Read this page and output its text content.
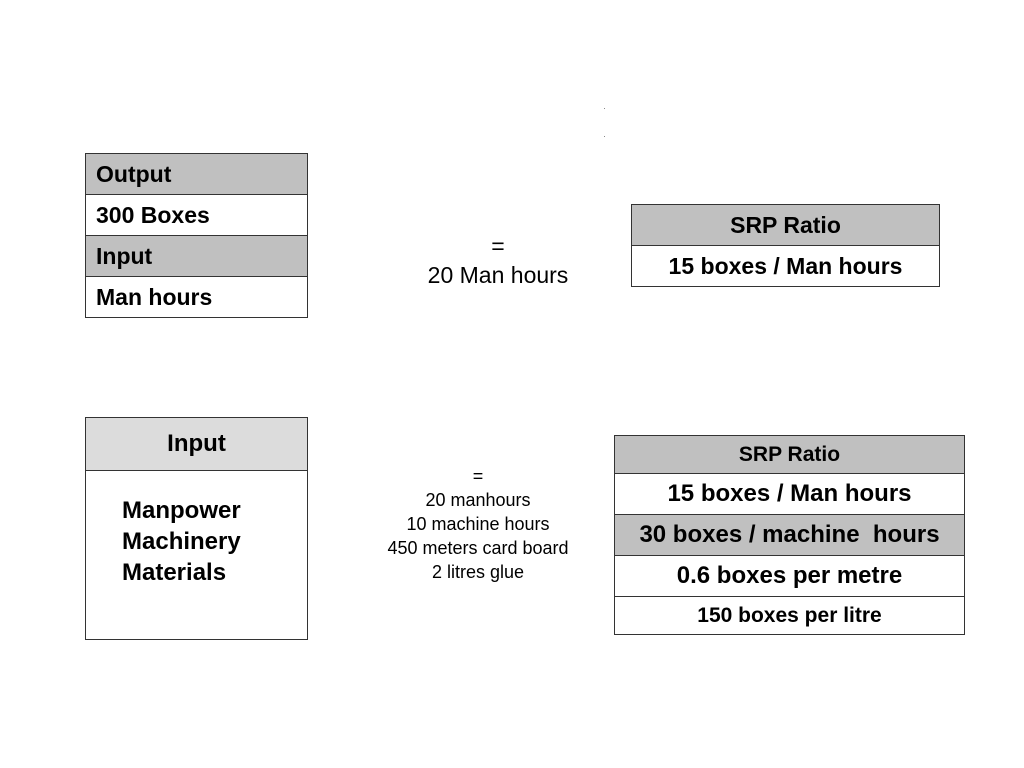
Output
300 Boxes
Input
Man hours
=
20 Man hours
SRP Ratio
15 boxes / Man hours
Input
Manpower
Machinery
Materials
=
20 manhours
10 machine hours
450 meters card board
2 litres glue
SRP Ratio
15 boxes / Man hours
30 boxes / machine  hours
0.6 boxes per metre
150 boxes per litre
